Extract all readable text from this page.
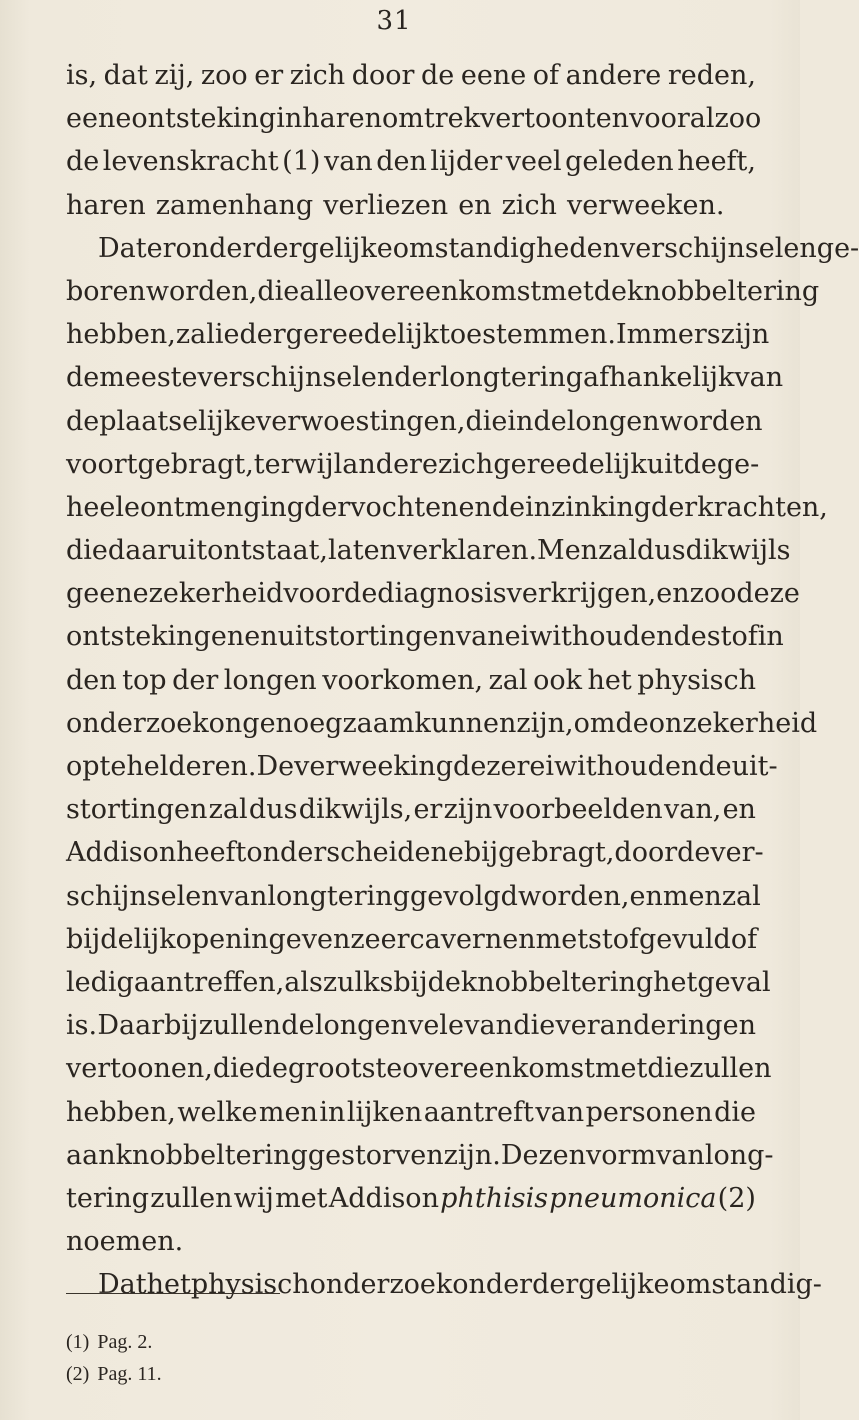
31
is, dat zij, zoo er zich door de eene of andere reden,
eene ontsteking in haren omtrek vertoont en vooral zoo
de levenskracht (1) van den lijder veel geleden heeft,
haren zamenhang verliezen en zich verweeken.
Dat er onder dergelijke omstandigheden verschijnselen ge-
boren worden, die alle overeenkomst met de knobbeltering
hebben, zal ieder gereedelijk toestemmen. Immers zijn
de meeste verschijnselen der longtering afhankelijk van
de plaatselijke verwoestingen, die in de longen worden
voortgebragt, terwijl andere zich gereedelijk uit de ge-
heele ontmenging der vochten en de inzinking der krachten,
die daaruit ontstaat, laten verklaren. Men zal dus dikwijls
geene zekerheid voor de diagnosis verkrijgen, en zoo deze
ontstekingen en uitstortingen van eiwithoudende stof in
den top der longen voorkomen, zal ook het physisch
onderzoek ongenoegzaam kunnen zijn, om de onzekerheid
op te helderen. De verweeking dezer eiwit houdende uit-
stortingen zal dus dikwijls, er zijn voorbeelden van, en
Addison heeft onderscheidene bijgebragt, door de ver-
schijnselen van longtering gevolgd worden, en men zal
bij de lijkopening even zeer cavernen met stof gevuld of
ledig aantreffen, als zulks bij de knobbeltering het geval
is. Daarbij zullen de longen vele van die veranderingen
vertoonen, die de grootste overeenkomst met die zullen
hebben, welke men in lijken aantreft van personen die
aan knobbeltering gestorven zijn. Dezen vorm van long-
tering zullen wij met Addison phthisis pneumonica (2)
noemen.
Dat het physisch onderzoek onder dergelijke omstandig-
(1) Pag. 2.
(2) Pag. 11.
